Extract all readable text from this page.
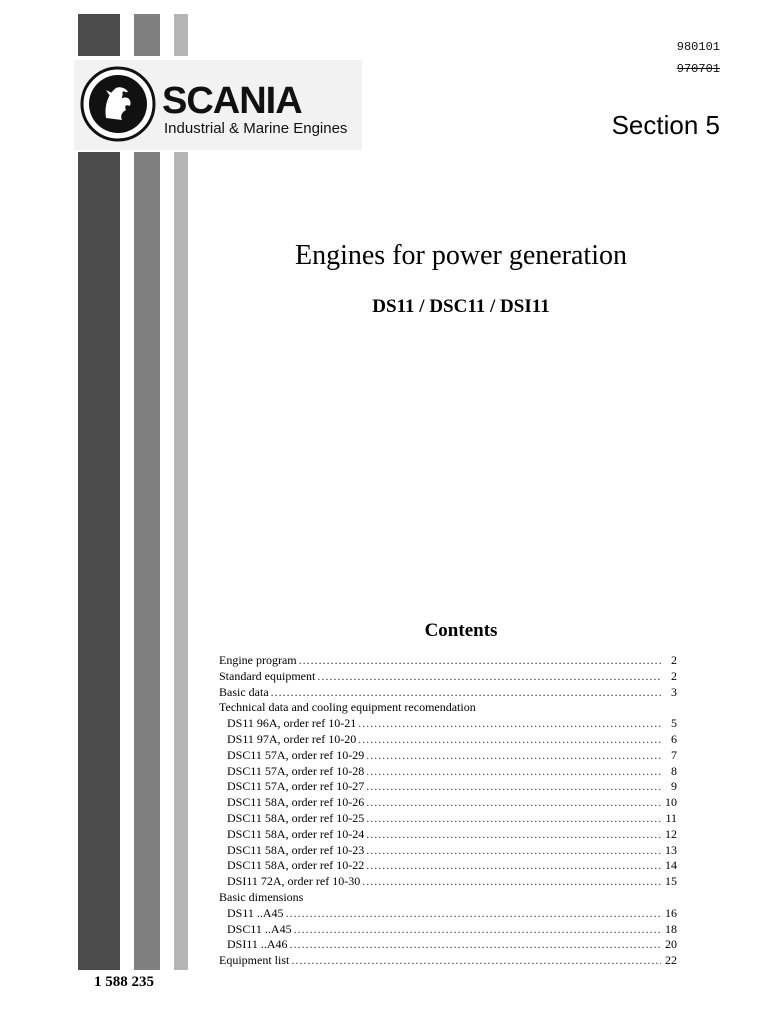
SCANIA
Industrial & Marine Engines
980101
970701
Section 5
Engines for power generation
DS11 / DSC11 / DSI11
Contents
Engine program .....	2
Standard equipment .....	2
Basic data .....	3
Technical data and cooling equipment recomendation
DS11 96A, order ref 10-21 .....	5
DS11 97A, order ref 10-20 .....	6
DSC11 57A, order ref 10-29 .....	7
DSC11 57A, order ref 10-28 .....	8
DSC11 57A, order ref 10-27 .....	9
DSC11 58A, order ref 10-26 .....	10
DSC11 58A, order ref 10-25 .....	11
DSC11 58A, order ref 10-24 .....	12
DSC11 58A, order ref 10-23 .....	13
DSC11 58A, order ref 10-22 .....	14
DSI11 72A, order ref 10-30 .....	15
Basic dimensions
DS11 ..A45 .....	16
DSC11 ..A45 .....	18
DSI11 ..A46 .....	20
Equipment list .....	22
1 588 235
